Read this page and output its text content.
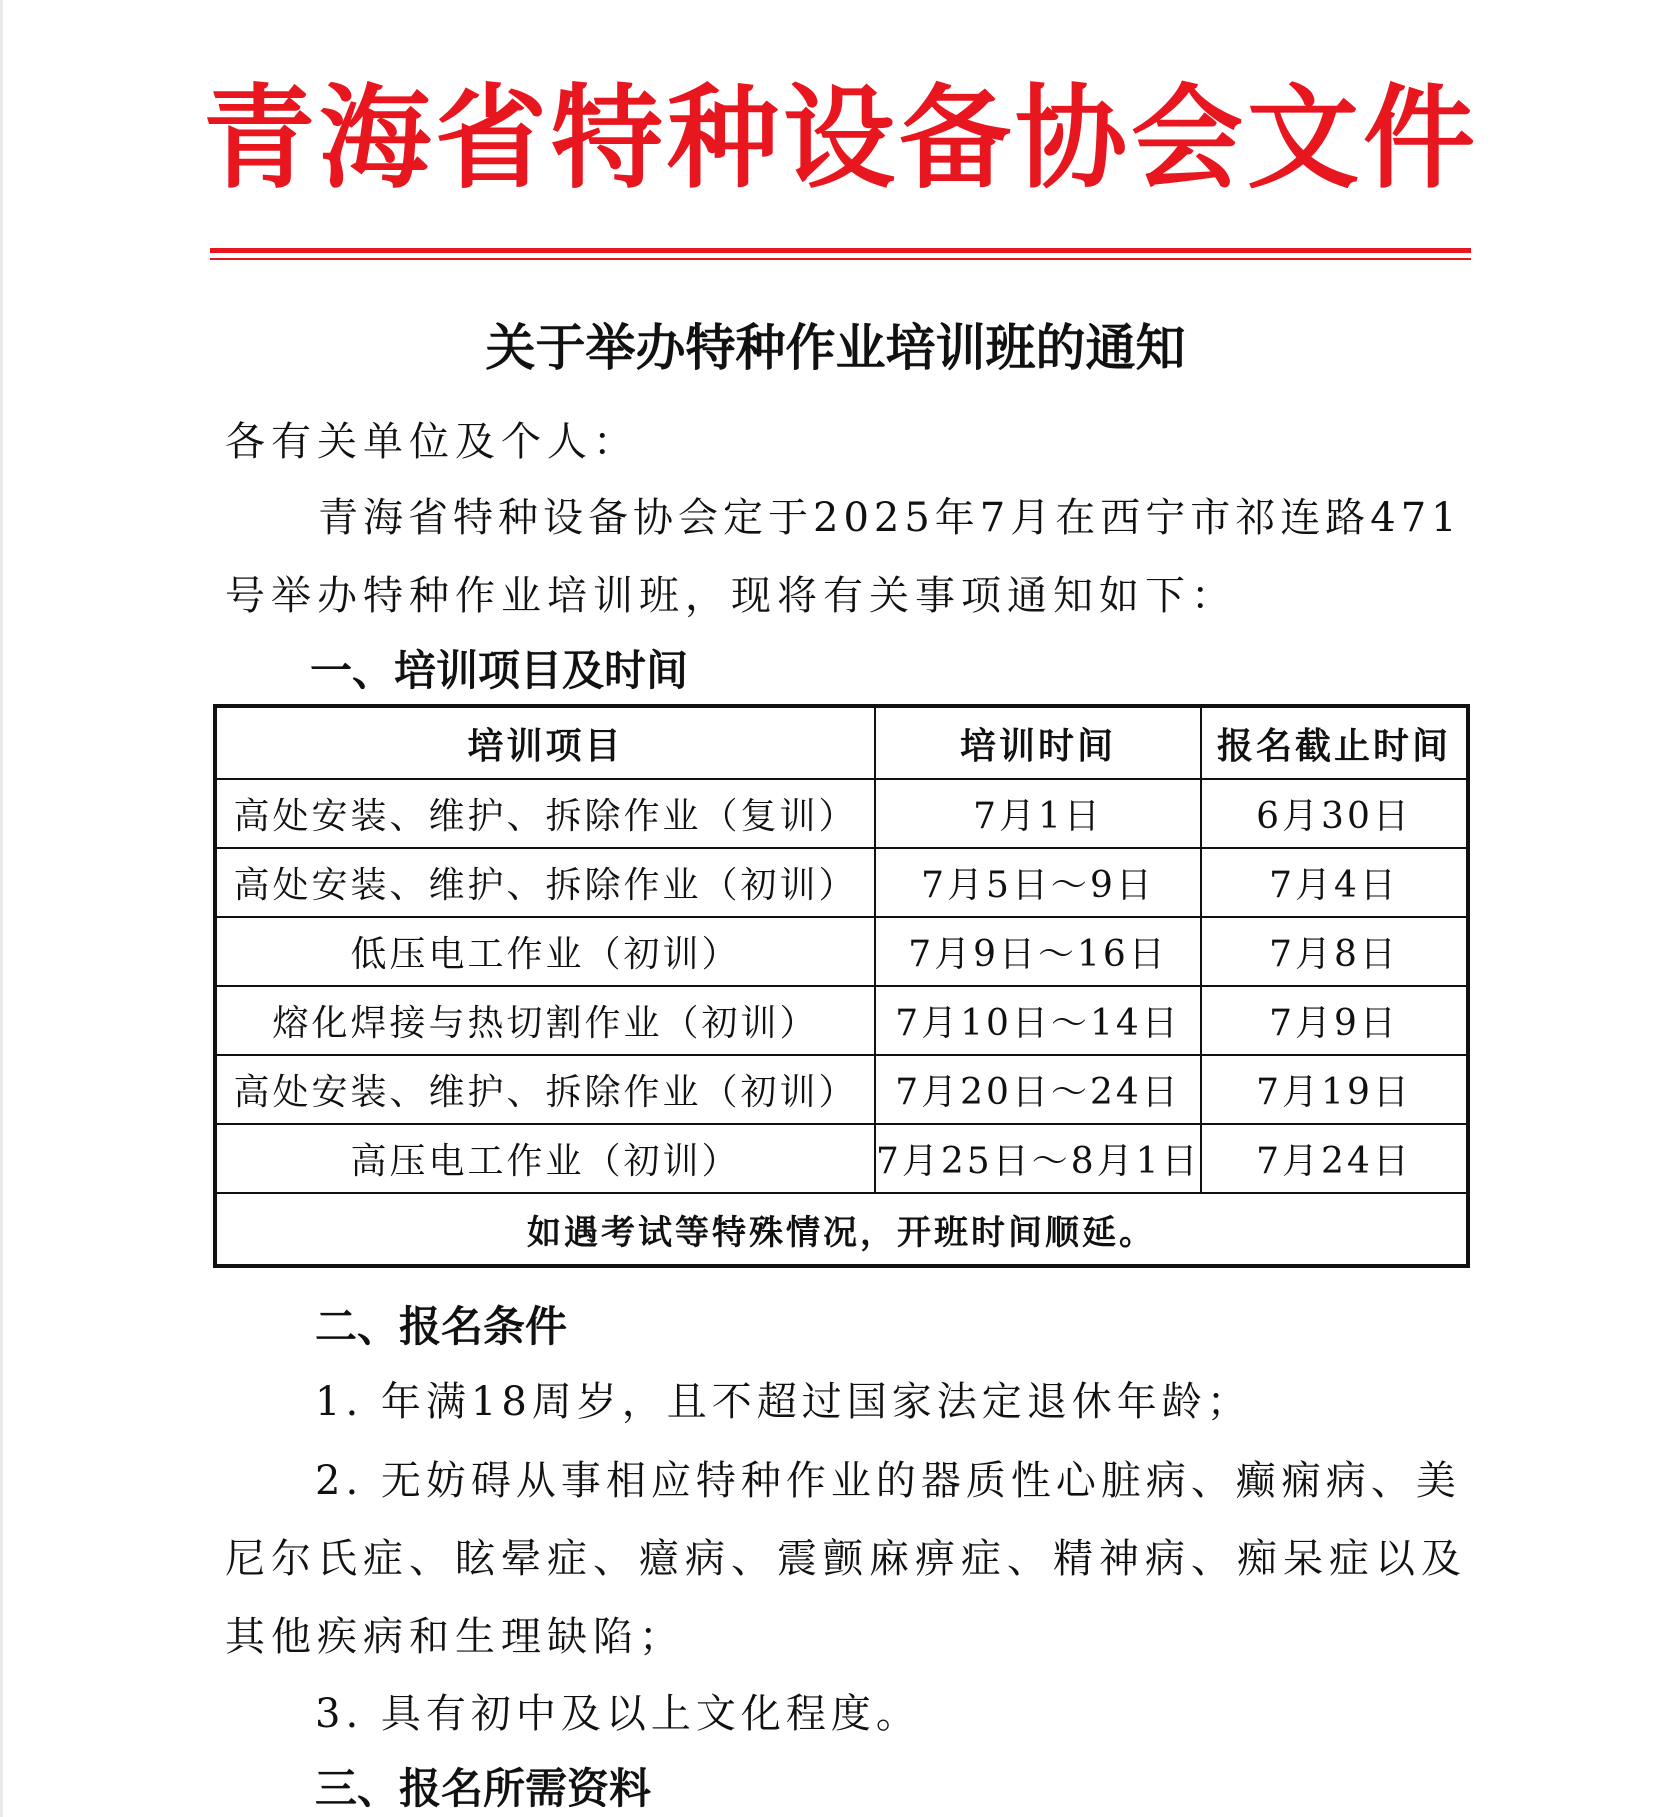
青海省特种设备协会文件
关于举办特种作业培训班的通知
各有关单位及个人：
青海省特种设备协会定于2025年7月在西宁市祁连路471
号举办特种作业培训班，现将有关事项通知如下：
一、培训项目及时间
培训项目	培训时间	报名截止时间
高处安装、维护、拆除作业（复训）	7月1日	6月30日
高处安装、维护、拆除作业（初训）	7月5日～9日	7月4日
低压电工作业（初训）	7月9日～16日	7月8日
熔化焊接与热切割作业（初训）	7月10日～14日	7月9日
高处安装、维护、拆除作业（初训）	7月20日～24日	7月19日
高压电工作业（初训）	7月25日～8月1日	7月24日
如遇考试等特殊情况，开班时间顺延。		
二、报名条件
1. 年满18周岁，且不超过国家法定退休年龄；
2. 无妨碍从事相应特种作业的器质性心脏病、癫痫病、美
尼尔氏症、眩晕症、癔病、震颤麻痹症、精神病、痴呆症以及
其他疾病和生理缺陷；
3. 具有初中及以上文化程度。
三、报名所需资料
